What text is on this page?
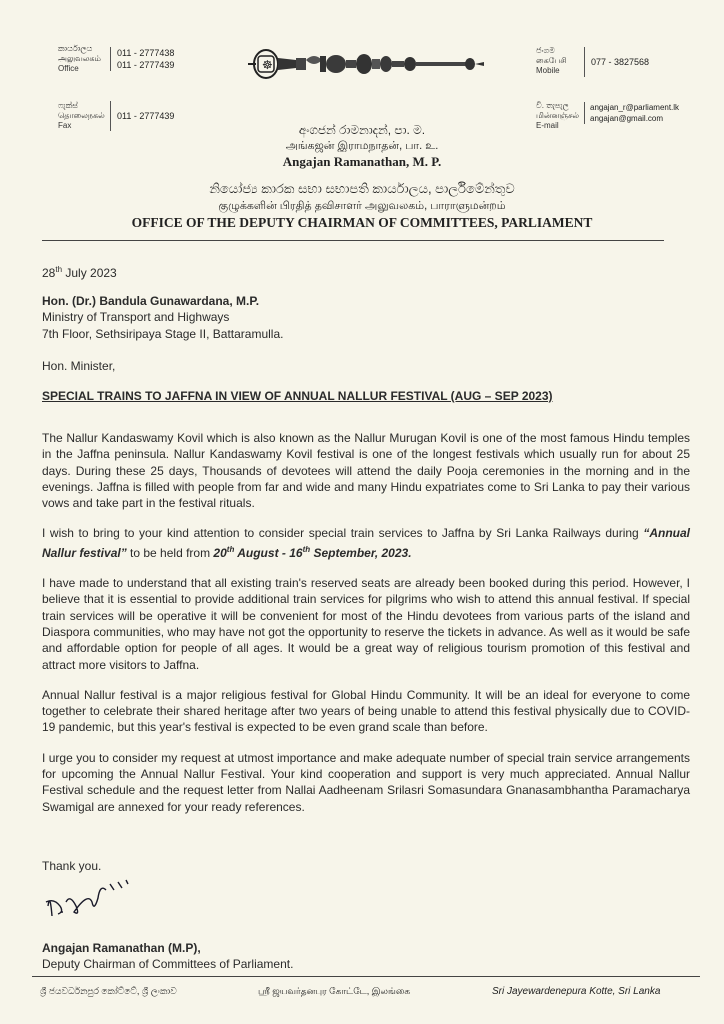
කාර්යාලය
அலுவலகம்
Office
011 - 2777438
011 - 2777439
ෆැක්ස්
தொலைநகல்
Fax
011 - 2777439
☸
ජංගම
கைபேசி
Mobile
077 - 3827568
වි. තැපැල
மின்னஞ்சல்
E-mail
angajan_r@parliament.lk
angajan@gmail.com
අංගජන් රාමනාදන්, පා. ම.
அங்கஜன் இராமநாதன், பா. உ.
Angajan Ramanathan, M. P.
නියෝජ්‍ය කාරක සභා සභාපති කාර්යාලය, පාර්ලිමේන්තුව
குழுக்களின் பிரதித் தவிசாளர் அலுவலகம், பாராளுமன்றம்
OFFICE OF THE DEPUTY CHAIRMAN OF COMMITTEES, PARLIAMENT
28th July 2023
Hon. (Dr.) Bandula Gunawardana, M.P.
Ministry of Transport and Highways
7th Floor, Sethsiripaya Stage II, Battaramulla.
Hon. Minister,
SPECIAL TRAINS TO JAFFNA IN VIEW OF ANNUAL NALLUR FESTIVAL (AUG – SEP 2023)

The Nallur Kandaswamy Kovil which is also known as the Nallur Murugan Kovil is one of the most famous Hindu temples in the Jaffna peninsula. Nallur Kandaswamy Kovil festival is one of the longest festivals which usually run for about 25 days. During these 25 days, Thousands of devotees will attend the daily Pooja ceremonies in the morning and in the evenings. Jaffna is filled with people from far and wide and many Hindu expatriates come to Sri Lanka to pay their various vows and take part in the festival rituals.

I wish to bring to your kind attention to consider special train services to Jaffna by Sri Lanka Railways during “Annual Nallur festival” to be held from 20th August - 16th September, 2023.

I have made to understand that all existing train's reserved seats are already been booked during this period. However, I believe that it is essential to provide additional train services for pilgrims who wish to attend this annual festival. If special train services will be operative it will be convenient for most of the Hindu devotees from various parts of the island and Diaspora communities, who may have not got the opportunity to reserve the tickets in advance. As well as it would be safe and affordable option for people of all ages. It would be a great way of religious tourism promotion of this festival and attract more visitors to Jaffna.

Annual Nallur festival is a major religious festival for Global Hindu Community. It will be an ideal for everyone to come together to celebrate their shared heritage after two years of being unable to attend this festival physically due to COVID-19 pandemic, but this year's festival is expected to be even grand scale than before.

I urge you to consider my request at utmost importance and make adequate number of special train service arrangements for upcoming the Annual Nallur Festival. Your kind cooperation and support is very much appreciated. Annual Nallur Festival schedule and the request letter from Nallai Aadheenam Srilasri Somasundara Gnanasambhantha Paramacharya Swamigal are annexed for your ready references.

Thank you.
Angajan Ramanathan (M.P),
Deputy Chairman of Committees of Parliament.
ශ්‍රී ජයවර්ධනපුර කෝට්ටේ, ශ්‍රී ලංකාව	ஸ்ரீ ஜயவர்தனபுர கோட்டே, இலங்கை	Sri Jayewardenepura Kotte, Sri Lanka
